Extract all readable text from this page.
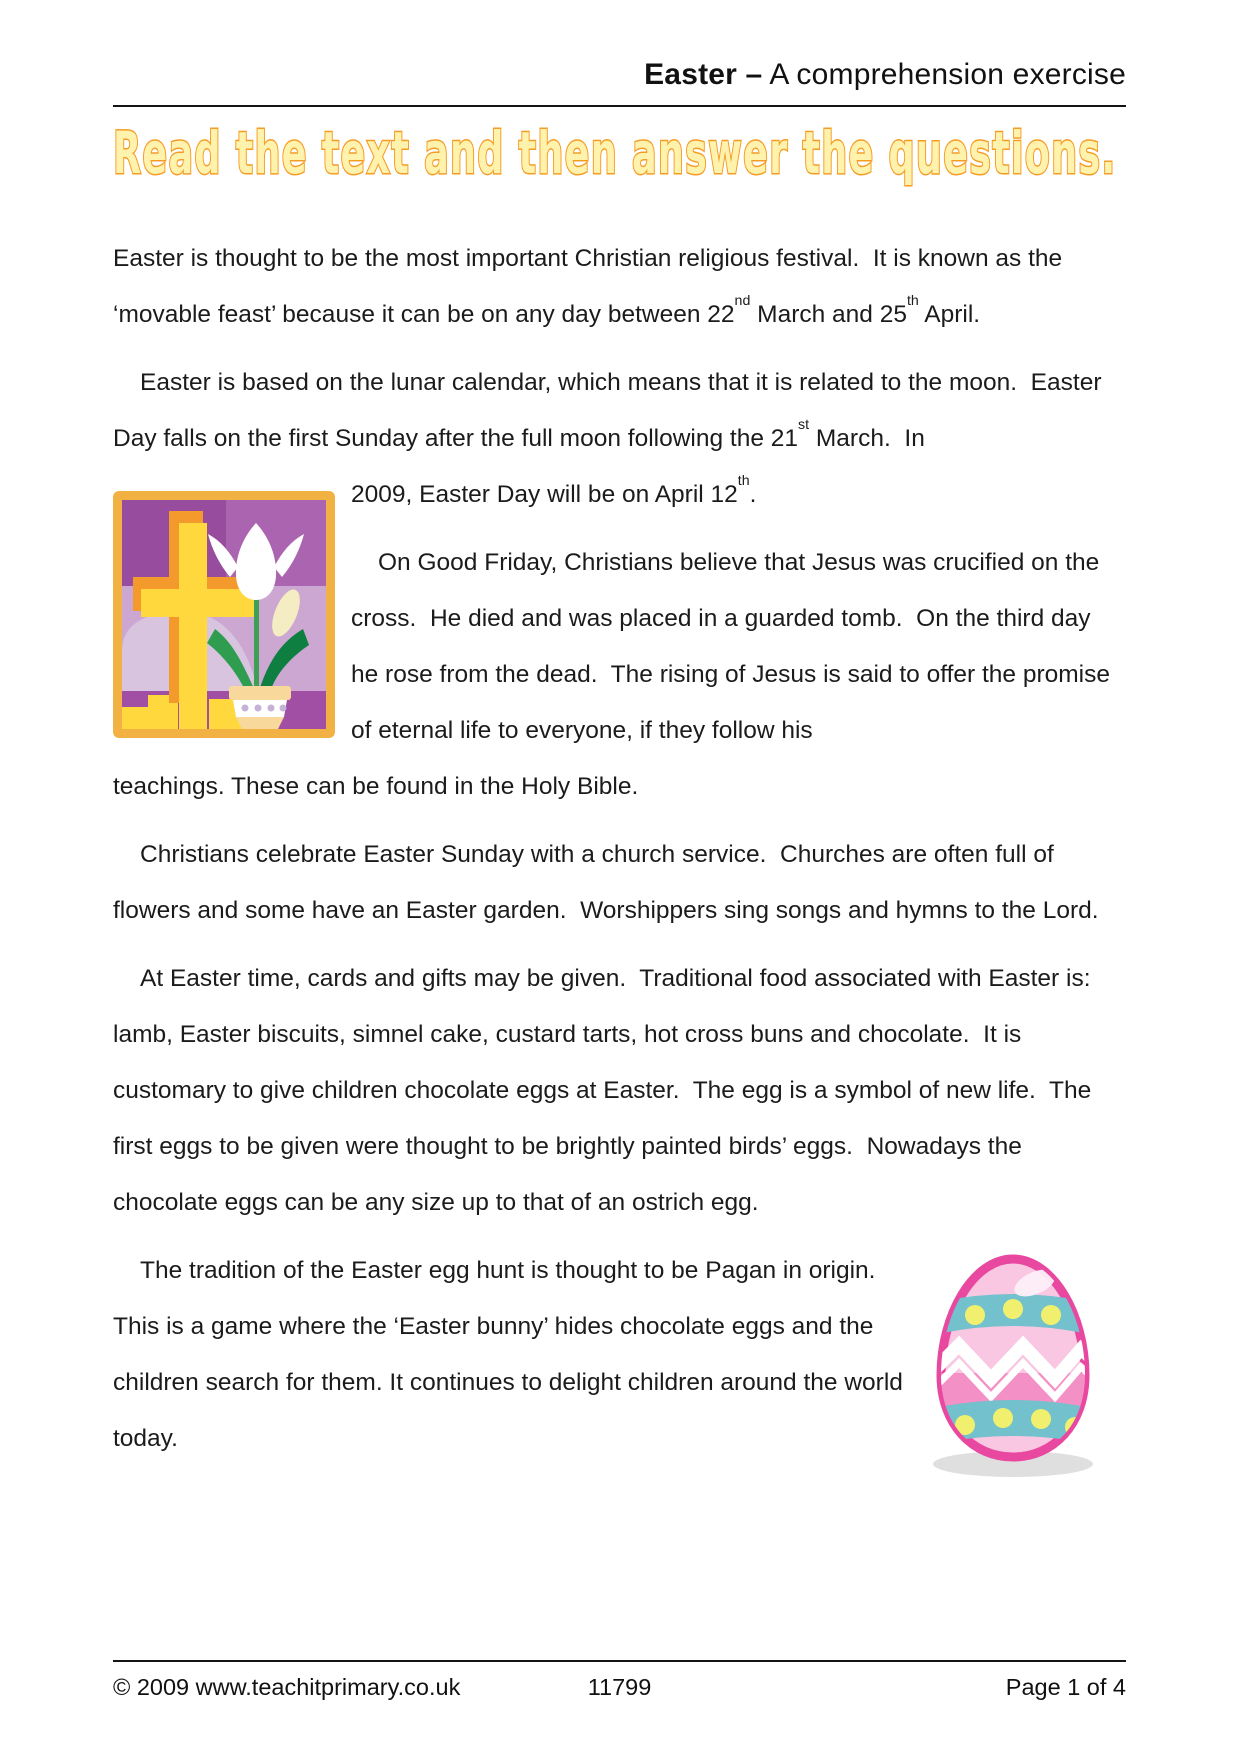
Easter – A comprehension exercise
Read the text and then answer the questions.

Easter is thought to be the most important Christian religious festival.  It is known as the ‘movable feast’ because it can be on any day between 22nd March and 25th April.

Easter is based on the lunar calendar, which means that it is related to the moon.  Easter Day falls on the first Sunday after the full moon following the 21st March.  In

2009, Easter Day will be on April 12th.

On Good Friday, Christians believe that Jesus was crucified on the cross.  He died and was placed in a guarded tomb.  On the third day he rose from the dead.  The rising of Jesus is said to offer the promise of eternal life to everyone, if they follow his

teachings. These can be found in the Holy Bible.

Christians celebrate Easter Sunday with a church service.  Churches are often full of flowers and some have an Easter garden.  Worshippers sing songs and hymns to the Lord.

At Easter time, cards and gifts may be given.  Traditional food associated with Easter is: lamb, Easter biscuits, simnel cake, custard tarts, hot cross buns and chocolate.  It is customary to give children chocolate eggs at Easter.  The egg is a symbol of new life.  The first eggs to be given were thought to be brightly painted birds’ eggs.  Nowadays the chocolate eggs can be any size up to that of an ostrich egg.

The tradition of the Easter egg hunt is thought to be Pagan in origin.  This is a game where the ‘Easter bunny’ hides chocolate eggs and the children search for them. It continues to delight children around the world today.

© 2009 www.teachitprimary.co.uk	11799	Page 1 of 4
